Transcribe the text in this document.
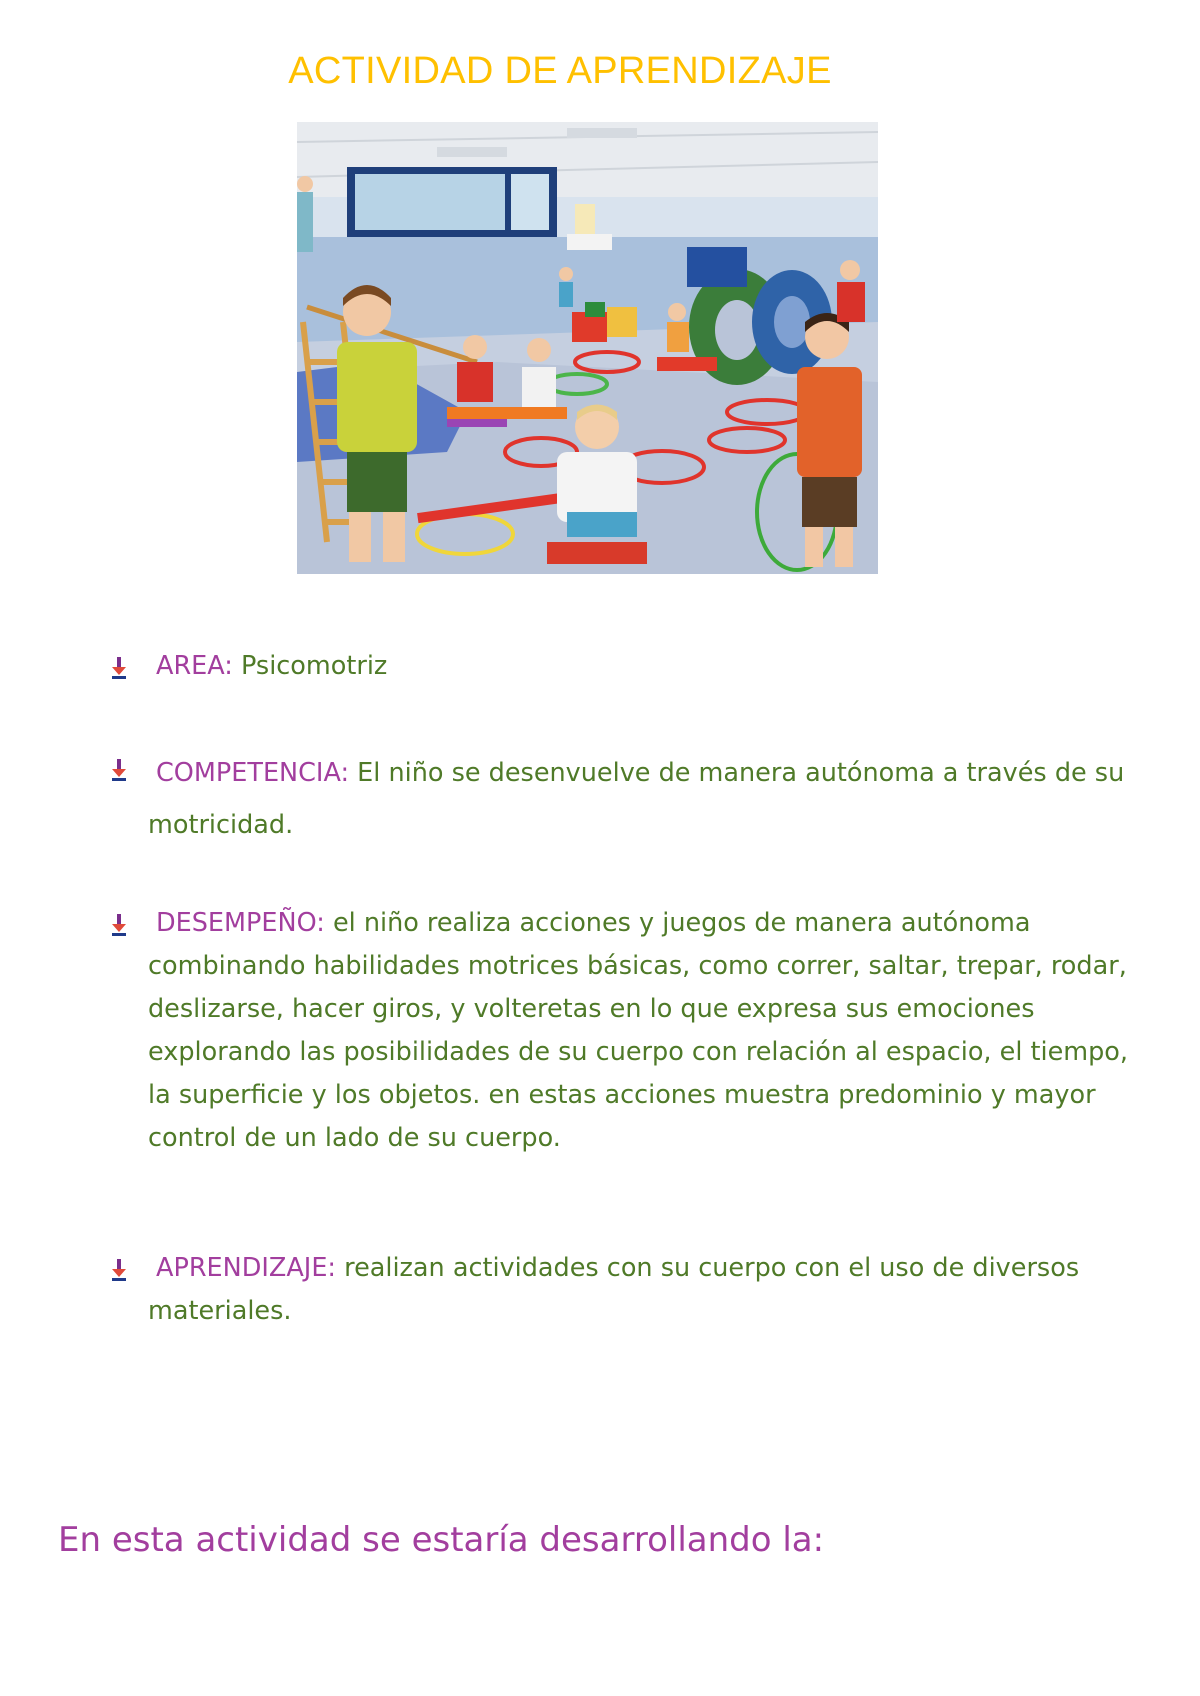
ACTIVIDAD DE APRENDIZAJE
AREA: Psicomotriz
COMPETENCIA: El niño se desenvuelve de manera autónoma a través de su motricidad.
DESEMPEÑO: el niño realiza acciones y juegos de manera autónoma combinando habilidades motrices básicas, como correr, saltar, trepar, rodar, deslizarse, hacer giros, y volteretas en lo que expresa sus emociones explorando las posibilidades de su cuerpo con relación al espacio, el tiempo, la superficie y los objetos. en estas acciones muestra predominio y mayor control de un lado de su cuerpo.
APRENDIZAJE: realizan actividades con su cuerpo con el uso de diversos materiales.

En esta actividad se estaría desarrollando la:
